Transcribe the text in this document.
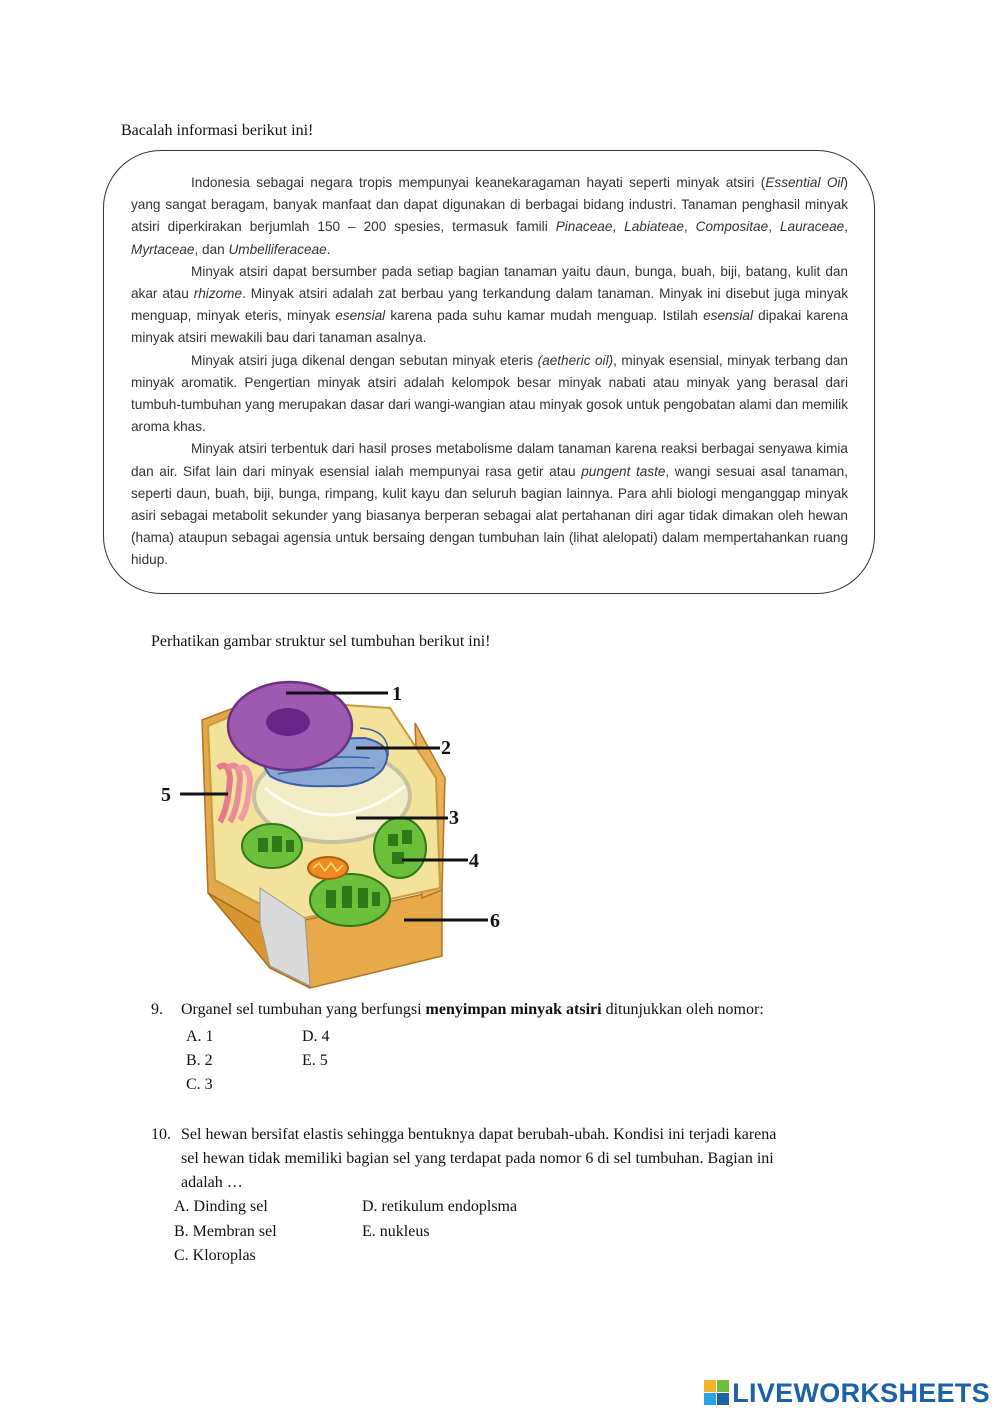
Bacalah informasi berikut ini!

Indonesia sebagai negara tropis mempunyai keanekaragaman hayati seperti minyak atsiri (Essential Oil) yang sangat beragam, banyak manfaat dan dapat digunakan di berbagai bidang industri. Tanaman penghasil minyak atsiri diperkirakan berjumlah 150 – 200 spesies, termasuk famili Pinaceae, Labiateae, Compositae, Lauraceae, Myrtaceae, dan Umbelliferaceae.

Minyak atsiri dapat bersumber pada setiap bagian tanaman yaitu daun, bunga, buah, biji, batang, kulit dan akar atau rhizome. Minyak atsiri adalah zat berbau yang terkandung dalam tanaman. Minyak ini disebut juga minyak menguap, minyak eteris, minyak esensial karena pada suhu kamar mudah menguap. Istilah esensial dipakai karena minyak atsiri mewakili bau dari tanaman asalnya.

Minyak atsiri juga dikenal dengan sebutan minyak eteris (aetheric oil), minyak esensial, minyak terbang dan minyak aromatik. Pengertian minyak atsiri adalah kelompok besar minyak nabati atau minyak yang berasal dari tumbuh-tumbuhan yang merupakan dasar dari wangi-wangian atau minyak gosok untuk pengobatan alami dan memilik aroma khas.

Minyak atsiri terbentuk dari hasil proses metabolisme dalam tanaman karena reaksi berbagai senyawa kimia dan air. Sifat lain dari minyak esensial ialah mempunyai rasa getir atau pungent taste, wangi sesuai asal tanaman, seperti daun, buah, biji, bunga, rimpang, kulit kayu dan seluruh bagian lainnya. Para ahli biologi menganggap minyak asiri sebagai metabolit sekunder yang biasanya berperan sebagai alat pertahanan diri agar tidak dimakan oleh hewan (hama) ataupun sebagai agensia untuk bersaing dengan tumbuhan lain (lihat alelopati) dalam mempertahankan ruang hidup.

Perhatikan gambar struktur sel tumbuhan berikut ini!
1
2
3
4
5
6
9. Organel sel tumbuhan yang berfungsi menyimpan minyak atsiri ditunjukkan oleh nomor:
A. 1
B. 2
C. 3
D. 4
E. 5
10. Sel hewan bersifat elastis sehingga bentuknya dapat berubah-ubah. Kondisi ini terjadi karena
sel hewan tidak memiliki bagian sel yang terdapat pada nomor 6 di sel tumbuhan. Bagian ini
adalah …
A. Dinding sel
B. Membran sel
C. Kloroplas
D. retikulum endoplsma
E. nukleus
LIVEWORKSHEETS
